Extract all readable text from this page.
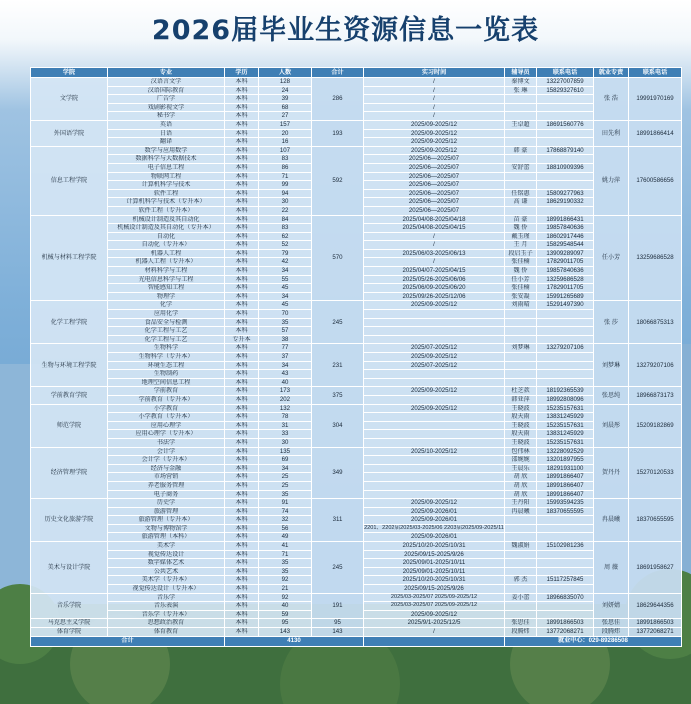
2026届毕业生资源信息一览表
学院	专业	学历	人数	合计	实习时间	辅导员	联系电话	就业专责	联系电话
文学院	汉语言文学	本科	128	286	/	秦博文	13227007859	张 浩	19991970169
	汉语国际教育	本科	24		/	张 琳	15829327610		
	广告学	本科	39		/				
	戏剧影视文学	本科	68		/				
	秘书学	本科	27		/				
外国语学院	英语	本科	157	193	2025/09-2025/12	王卓超	18691560776	田先利	18991866414
	日语	本科	20		2025/09-2025/12				
	翻译	本科	16		2025/09-2025/12				
信息工程学院	数学与应用数学	本科	107	592	2025/09-2025/12	韩 豪	17868879140	姚力萍	17600586656
	数据科学与大数据技术	本科	83		2025/06—2025/07				
	电子信息工程	本科	86		2025/06—2025/07	安舒蕾	18810909396		
	物联网工程	本科	71		2025/06—2025/07				
	计算机科学与技术	本科	99		2025/06—2025/07				
	软件工程	本科	94		2025/06—2025/07	任铭惠	15809277963		
	计算机科学与技术（专升本）	本科	30		2025/06—2025/07	高 谦	18629190332		
	软件工程（专升本）	本科	22		2025/06—2025/07				
机械与材料工程学院	机械设计制造及其自动化	本科	84	570	2025/04/08-2025/04/18	苗 豪	18991866431	任小芳	13259686528
	机械设计制造及其自动化（专升本）	本科	83		2025/04/08-2025/04/15	魏 侨	19857840636		
	自动化	本科	62		/	戴玉瑾	18602917446		
	自动化（专升本）	本科	52		/	王 月	15829548544		
	机器人工程	本科	79		2025/06/03-2025/06/13	段启玉子	13909289097		
	机器人工程（专升本）	本科	42		/	张佳楠	17829011705		
	材料科学与工程	本科	34		2025/04/07-2025/04/15	魏 侨	19857840636		
	光电信息科学与工程	本科	55		2025/05/26-2025/06/06	任小芳	13259686528		
	智能感知工程	本科	45		2025/06/09-2025/06/20	张佳楠	17829011705		
	物理学	本科	34		2025/09/26-2025/12/06	张安凝	15991265689		
化学工程学院	化学	本科	45	245	2025/09-2025/12	刘雨晴	15291497390	张 莎	18066875313
	应用化学	本科	70						
	食品安全与检测	本科	35						
	化学工程与工艺	本科	57						
	化学工程与工艺	专升本	38						
生物与环境工程学院	生物科学	本科	77	231	2025/07-2025/12	刘梦琳	13279207106	刘梦琳	13279207106
	生物科学（专升本）	本科	37		2025/09-2025/12				
	环境生态工程	本科	34		2025/07-2025/12				
	生物制药	本科	43						
	地理空间信息工程	本科	40						
学前教育学院	学前教育	本科	173	375	2025/09-2025/12	杜芝款	18192365539	张思纯	18966873173
	学前教育（专升本）	本科	202			韩亚萍	18992808096		
师范学院	小学教育	本科	132	304	2025/09-2025/12	王晓波	15235157631	刘晨彤	15209182869
	小学教育（专升本）	本科	78			殷天雨	13831245929		
	应用心理学	本科	31			王晓波	15235157631		
	应用心理学（专升本）	本科	33			殷天雨	13831245929		
	书法学	本科	30			王晓波	15235157631		
经济管理学院	会计学	本科	135	349	2025/10-2025/12	包伟林	13228092529	贺丹丹	15270120533
	会计学（专升本）	本科	69			邵婉婉	13201897955		
	经济与金融	本科	34			王晨乐	18291931100		
	市场营销	本科	25			胡 欣	18991866407		
	养老服务管理	本科	25			胡 欣	18991866407		
	电子商务	本科	35			胡 欣	18991866407		
历史文化旅游学院	历史学	本科	91	311	2025/09-2025/12	王丹阳	15993594235	冉晨曦	18370655595
	旅游管理	本科	74		2025/09-2026/01	冉晨曦	18370655595		
	旅游管理（专升本）	本科	32		2025/09-2026/01				
	文物与博物馆学	本科	56		2201、2202届2025/03-2025/06 2203届2025/09-2025/11				
	旅游管理（本科）	本科	49		2025/09-2026/01				
美术与设计学院	美术学	本科	41	245	2025/10/20-2025/10/31	魏淑娟	15102981236	周 薇	18691958627
	视觉传达设计	本科	71		2025/09/15-2025/9/26				
	数字媒体艺术	本科	35		2025/09/01-2025/10/11				
	公共艺术	本科	35		2025/09/01-2025/10/11				
	美术学（专升本）	本科	92		2025/10/20-2025/10/31	郭 杰	15117257845		
	视觉传达设计（专升本）	本科	21		2025/09/15-2025/9/26				
音乐学院	音乐学	本科	92	191	2025/03-2025/07 2025/09-2025/12	姜小蕾	18966835070	刘妍婧	18629644356
	音乐表演	本科	40		2025/03-2025/07 2025/09-2025/12				
	音乐学（专升本）	本科	59		2025/09-2025/12				
马克思主义学院	思想政治教育	本科	95	95	2025/9/1-2025/12/5	张思佳	18991866503	张思佳	18991866503
体育学院	体育教育	本科	143	143	/	段腾炜	13772068271	段腾炜	13772068271
合计		4130				就业中心：029-89286508			
